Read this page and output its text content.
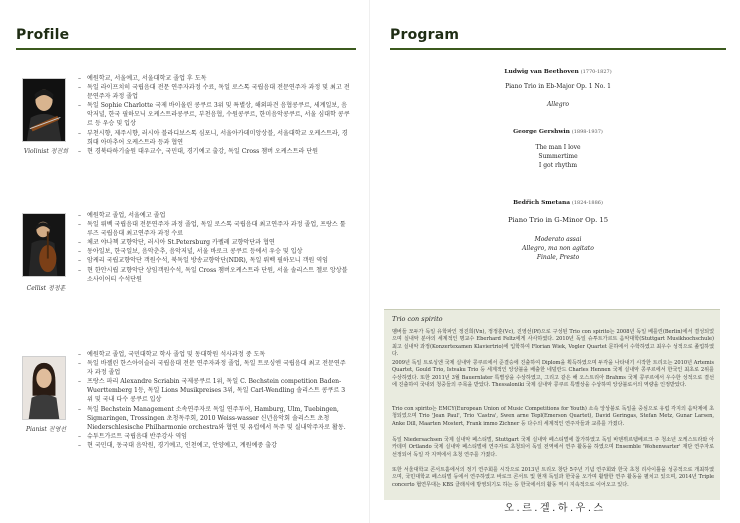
Profile
Violinist 정진희
– 예원학교, 서울예고, 서울대학교 졸업 후 도독
– 독일 라이프치히 국립음대 전문 연주자과정 수료, 독일 로스톡 국립음대 전문연주자 과정 및 최고 전문연주자 과정 졸업
– 독일 Sophie Charlotte 국제 바이올린 콩쿠르 3위 및 특별상, 해외파견 음협콩쿠르, 세계일보, 음악저널, 한국 필하모닉 오케스트라콩쿠르, 부천음협, 수원콩쿠르, 한미음악콩쿠르, 서울 심대학 콩쿠르 등 우승 및 입상
– 부천시향, 제주시향, 러시아 블라디보스톡 심포니, 서울아카데미앙상블, 서울대학교 오케스트라, 경희대 아마추어 오케스트라 등과 협연
– 현 경북타하기술원 대우교수, 국민대, 경기예고 출강, 독일 Cross 챔버 오케스트라 단원
Cellist 정정훈
– 예원학교 졸업, 서울예고 졸업
– 독일 뤼벡 국립음대 전문연주자 과정 졸업, 독일 로스톡 국립음대 최고연주자 과정 졸업, 프랑스 툴루즈 국립음대 최고연주자 과정 수료
– 체코 야나첵 교향악단, 러시아 St.Petersburg 카펠레 교향악단과 협연
– 동아일보, 한국일보, 음악춘추, 음악저널, 서울 바로크 콩쿠르 등에서 우승 및 입상
– 암케리 국립교향악단 객원수석, 북독일 방송교향악단(NDR), 독일 뤼벡 필하모니 객원 역임
– 현 한안시립 교향악단 상임객원수석, 독일 Cross 챔버오케스트라 단원, 서울 솔리스트 첼로 앙상블 소사이어티 수석단원
Pianist 진영선
– 예원학교 졸업, 국민대학교 학사 졸업 및 동대학원 석사과정 중 도독
– 독일 바젤린 한스아이슬러 국립음대 전문 연주자과정 졸업, 독일 트로싱엔 국립음대 최고 전문연주자 과정 졸업
– 프랑스 파리 Alexandre Scriabin 국제콩쿠르 1위, 독일 C. Bechstein competition Baden-Wuerttemberg 1등, 독일 Lions Musikpreises 3위, 독일 Carl-Wendling 솔리스트 콩쿠르 3위 및 국내 다수 콩쿠르 입상
– 독일 Bechstein Management 소속연주자로 독일 연주투어, Hamburg, Ulm, Tuebingen, Sigmaringen, Trossingen 초청독주회, 2010 Weiss-wasser 신년음악회 솔리스트 초청 Niederschlesische Philharmonie orchestra와 협연 및 유럽에서 독주 및 실내악주자로 활동.
– 슈투트가르트 국립음대 반주강사 역임
– 현 국민대, 동국대 음악원, 경기예고, 인천예고, 안양예고, 계원예중 출강
Program
Ludwig van Beethoven (1770-1827)
Piano Trio in Eb-Major Op. 1 No. 1
Allegro
George Gershwin (1898-1937)
The man I love
Summertime
I got rhythm
Bedřich Smetana (1824-1886)
Piano Trio in G-Minor Op. 15
Moderato assai
Allegro, ma non agitato
Finale, Presto
Trio con spirito
멤버들 모두가 독일 유학파인 정진희(Vn), 정정훈(Vc), 진영선(Pf)으로 구성된 Trio con spirito는 2008년 독일 베를린(Berlin)에서 결성되었으며 실내악 분야의 세계적인 명교수 Eberhard Feltz에게 사사하였다. 2010년 독일 슈투트가르트 음악대학(Stuttgart Musikhochschule) 최고 실내악 과정(Konzertexamen Klaviertrio)에 입학하여 Florian Wiek, Vogler Quartet 문하에서 수학하였고 최우수 성적으로 졸업하였다.
2009년 독일 트로싱엔 국제 실내악 콩쿠르에서 준결승에 진출하여 Diplom을 획득하였으며 두각을 나타내기 시작한 트리오는 2010년 Artemis Quartet, Gould Trio, Istvaku Trio 등 세계적인 앙상블을 배출한 네덜란드 Charles Hennen 국제 실내악 콩쿠르에서 한국인 최초로 2위를 수상하였다. 또한 2011년 3월 Bauernlater 특별상을 수상하였고, 그리고 같은 해 오스트리아 Brahms 국제 콩쿠르에서 우수한 성적으로 결선에 진출하여 국내외 청중들의 주목을 받았다. Thessaloniki 국제 실내악 콩쿠르 특별상을 수상하며 앙상블로서의 역량을 인정받았다.
Trio con spirito는 EMCY(European Union of Music Competitions for Youth) 소속 앙상블로 독일을 중심으로 유럽 각지의 음악제에 초청되었으며 Trio 'Jean Paul', Trio 'Castra', Swen arne Tepl(Emerson Quartet), David Geringas, Stefan Metz, Gunar Larsen, Anke Dill, Maarten Mostert, Frank immo Zichner 등 다수의 세계적인 연주자들과 교류를 가졌다.
독일 Niedersachsen 국제 실내악 페스티벌, Stuttgart 국제 실내악 페스티벌에 참가하였고 독일 바덴뷔르템베르크 주 청소년 오케스트라와 아카데미 Ortlando 국제 실내악 페스티벌에 연주자로 초청되어 독일 전역에서 연주 활동을 하였으며 Ensemble 'Wohenwarter' 재단 연주자로 선정되어 독일 각 지역에서 초청 연주를 가졌다.
또한 서울대학교 콘서트홀에서의 정기 연주회를 시작으로 2013년 트리오 창단 5주년 기념 연주회와 한국 초청 리사이틀을 성공적으로 개최하였으며, 국민대학교 페스티벌 등에서 연주하였고 바로크 콘서트 및 현재 독일과 한국을 오가며 활발한 연주 활동을 펼치고 있으며, 2014년 Triple concerto 협연무대는 KBS 클래식에 방영되기도 하는 등 한국에서의 활동 역시 지속적으로 이어오고 있다.
오.르.겔.하.우.스
